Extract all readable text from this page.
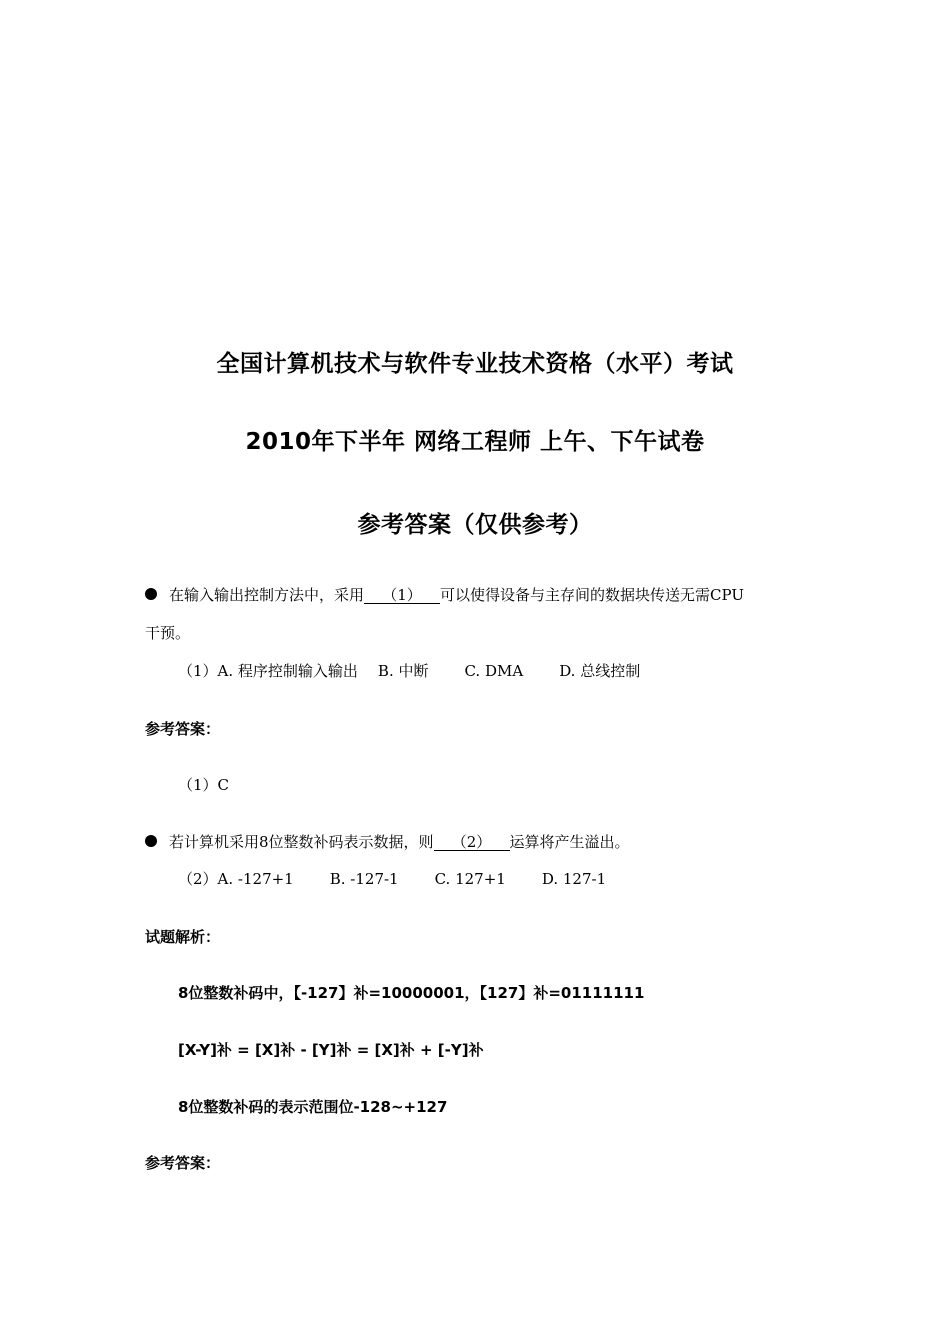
全国计算机技术与软件专业技术资格（水平）考试
2010年下半年 网络工程师 上午、下午试卷
参考答案（仅供参考）
在输入输出控制方法中，采用 （1） 可以使得设备与主存间的数据块传送无需CPU
干预。
（1）A. 程序控制输入输出 B. 中断 C. DMA D. 总线控制
参考答案：
（1）C
若计算机采用8位整数补码表示数据，则 （2） 运算将产生溢出。
（2）A. -127+1 B. -127-1 C. 127+1 D. 127-1
试题解析：
8位整数补码中，【-127】补=10000001，【127】补=01111111
[X-Y]补 = [X]补 - [Y]补 = [X]补 + [-Y]补
8位整数补码的表示范围位-128~+127
参考答案：
